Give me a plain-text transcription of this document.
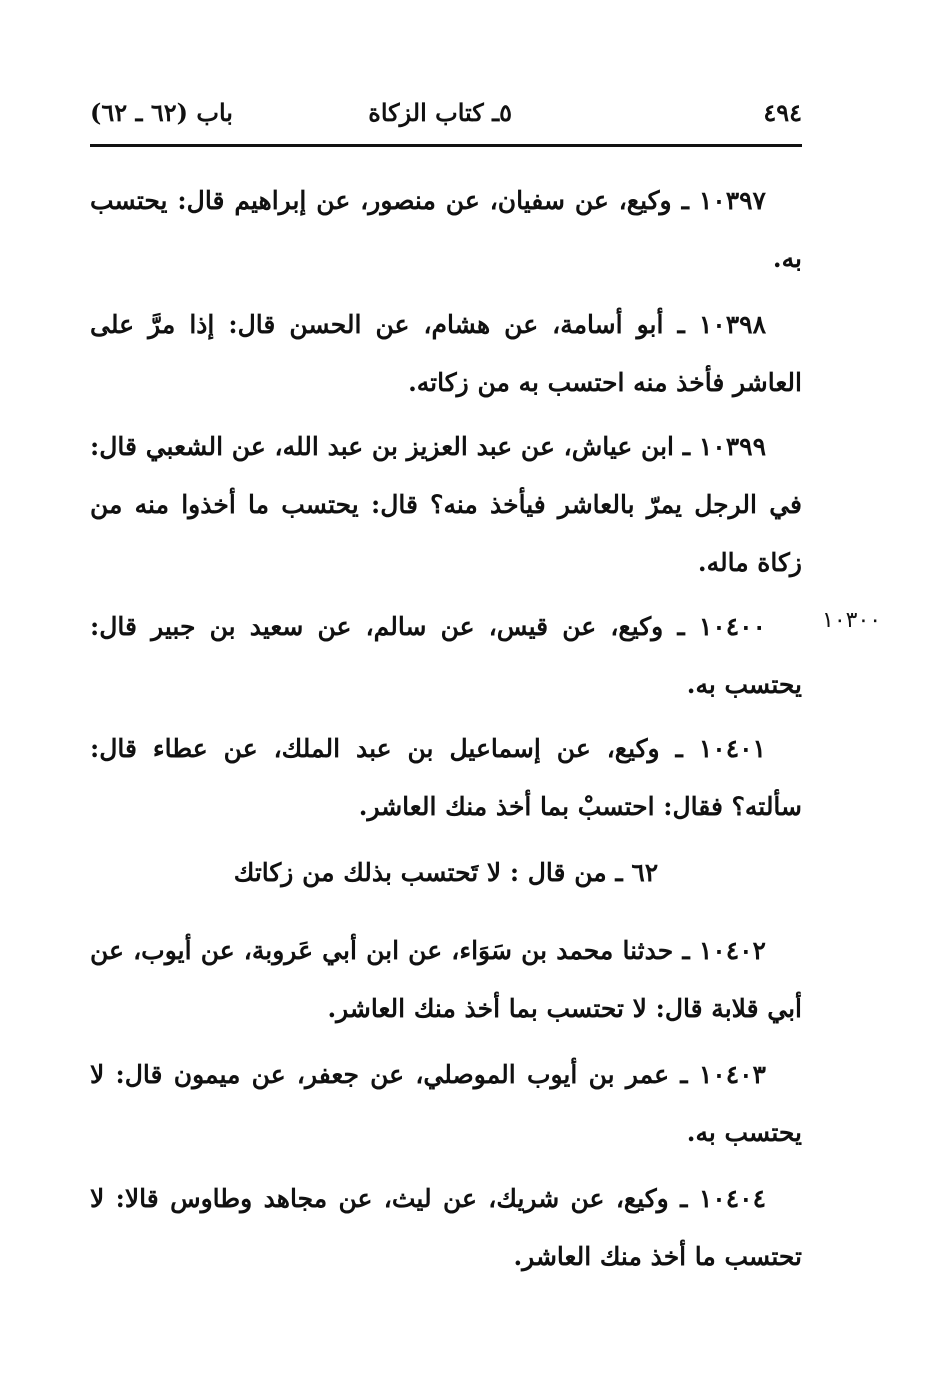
٤٩٤
٥ـ كتاب الزكاة
باب (٦٢ ـ ٦٢)
١٠٣٩٧ ـ وكيع، عن سفيان، عن منصور، عن إبراهيم قال: يحتسب به.
١٠٣٩٨ ـ أبو أسامة، عن هشام، عن الحسن قال: إذا مرَّ على العاشر فأخذ منه احتسب به من زكاته.
١٠٣٩٩ ـ ابن عياش، عن عبد العزيز بن عبد الله، عن الشعبي قال: في الرجل يمرّ بالعاشر فيأخذ منه؟ قال: يحتسب ما أخذوا منه من زكاة ماله.
١٠٣٠٠
١٠٤٠٠ ـ وكيع، عن قيس، عن سالم، عن سعيد بن جبير قال: يحتسب به.
١٠٤٠١ ـ وكيع، عن إسماعيل بن عبد الملك، عن عطاء قال: سألته؟ فقال: احتسبْ بما أخذ منك العاشر.
٦٢ ـ من قال : لا تَحتسب بذلك من زكاتك
١٠٤٠٢ ـ حدثنا محمد بن سَوَاء، عن ابن أبي عَروبة، عن أيوب، عن أبي قلابة قال: لا تحتسب بما أخذ منك العاشر.
١٠٤٠٣ ـ عمر بن أيوب الموصلي، عن جعفر، عن ميمون قال: لا يحتسب به.
١٠٤٠٤ ـ وكيع، عن شريك، عن ليث، عن مجاهد وطاوس قالا: لا تحتسب ما أخذ منك العاشر.
